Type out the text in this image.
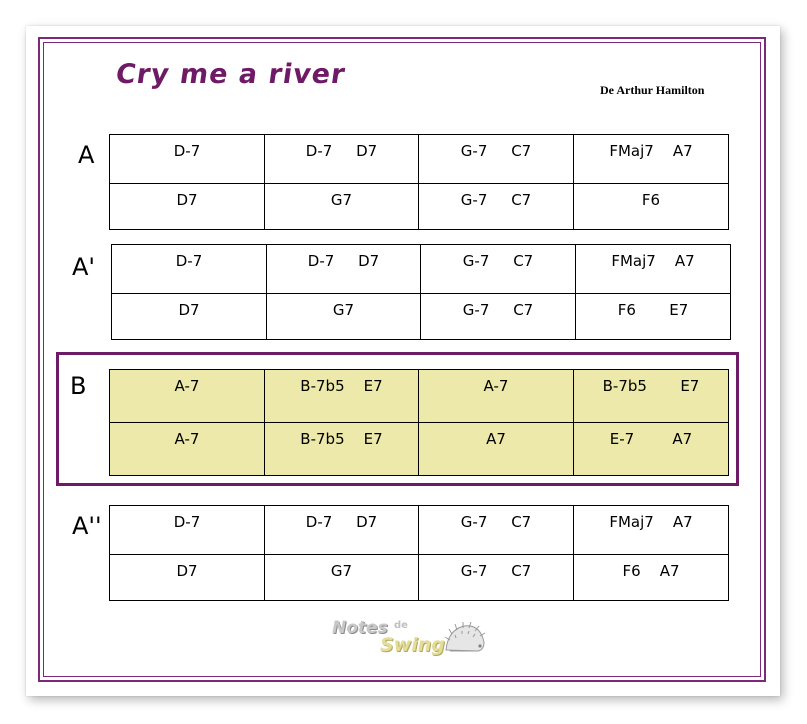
Cry me a river	De Arthur Hamilton
A	D-7	D-7     D7	G-7     C7	FMaj7    A7

D7	G7	G-7     C7	F6
A'	D-7	D-7     D7	G-7     C7	FMaj7    A7

D7	G7	G-7     C7	F6       E7
B	A-7	B-7b5    E7	A-7	B-7b5       E7

A-7	B-7b5    E7	A7	E-7        A7
A''	D-7	D-7     D7	G-7     C7	FMaj7    A7

D7	G7	G-7     C7	F6    A7
Notes de
Swing
